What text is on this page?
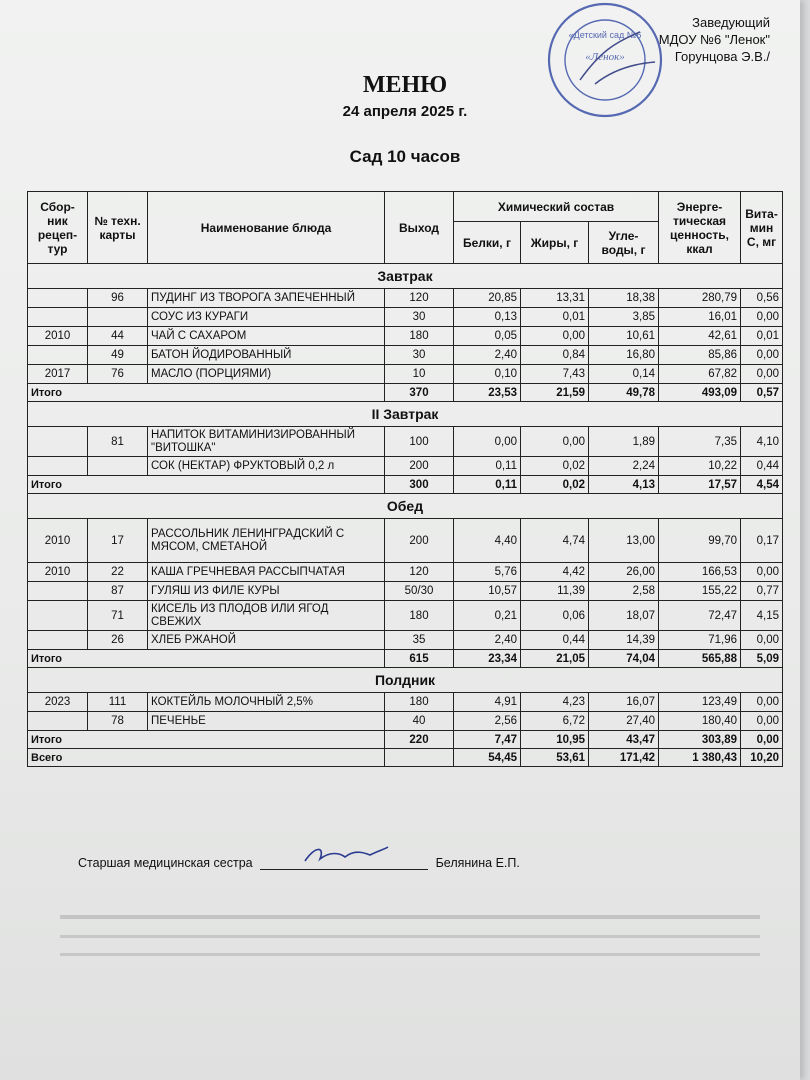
«Детский сад №6
«Ленок»
Заведующий
МДОУ №6 "Ленок"
Горунцова Э.В./
МЕНЮ
24 апреля 2025 г.
Сад 10 часов
Сбор-ник рецеп-тур	№ техн. карты	Наименование блюда	Выход	Химический состав			Энерге-тическая ценность, ккал	Вита-мин С, мг
				Белки, г	Жиры, г	Угле-воды, г		
Завтрак								
	96	ПУДИНГ ИЗ ТВОРОГА ЗАПЕЧЕННЫЙ	120	20,85	13,31	18,38	280,79	0,56
		СОУС ИЗ КУРАГИ	30	0,13	0,01	3,85	16,01	0,00
2010	44	ЧАЙ С САХАРОМ	180	0,05	0,00	10,61	42,61	0,01
	49	БАТОН ЙОДИРОВАННЫЙ	30	2,40	0,84	16,80	85,86	0,00
2017	76	МАСЛО (ПОРЦИЯМИ)	10	0,10	7,43	0,14	67,82	0,00
Итого			370	23,53	21,59	49,78	493,09	0,57
II Завтрак								
	81	НАПИТОК ВИТАМИНИЗИРОВАННЫЙ "ВИТОШКА"	100	0,00	0,00	1,89	7,35	4,10
		СОК (НЕКТАР) ФРУКТОВЫЙ 0,2 л	200	0,11	0,02	2,24	10,22	0,44
Итого			300	0,11	0,02	4,13	17,57	4,54
Обед								
2010	17	РАССОЛЬНИК ЛЕНИНГРАДСКИЙ С МЯСОМ, СМЕТАНОЙ	200	4,40	4,74	13,00	99,70	0,17
2010	22	КАША ГРЕЧНЕВАЯ РАССЫПЧАТАЯ	120	5,76	4,42	26,00	166,53	0,00
	87	ГУЛЯШ ИЗ ФИЛЕ КУРЫ	50/30	10,57	11,39	2,58	155,22	0,77
	71	КИСЕЛЬ ИЗ ПЛОДОВ ИЛИ ЯГОД СВЕЖИХ	180	0,21	0,06	18,07	72,47	4,15
	26	ХЛЕБ РЖАНОЙ	35	2,40	0,44	14,39	71,96	0,00
Итого			615	23,34	21,05	74,04	565,88	5,09
Полдник								
2023	111	КОКТЕЙЛЬ МОЛОЧНЫЙ 2,5%	180	4,91	4,23	16,07	123,49	0,00
	78	ПЕЧЕНЬЕ	40	2,56	6,72	27,40	180,40	0,00
Итого			220	7,47	10,95	43,47	303,89	0,00
Всего				54,45	53,61	171,42	1 380,43	10,20
Старшая медицинская сестра	Белянина Е.П.
